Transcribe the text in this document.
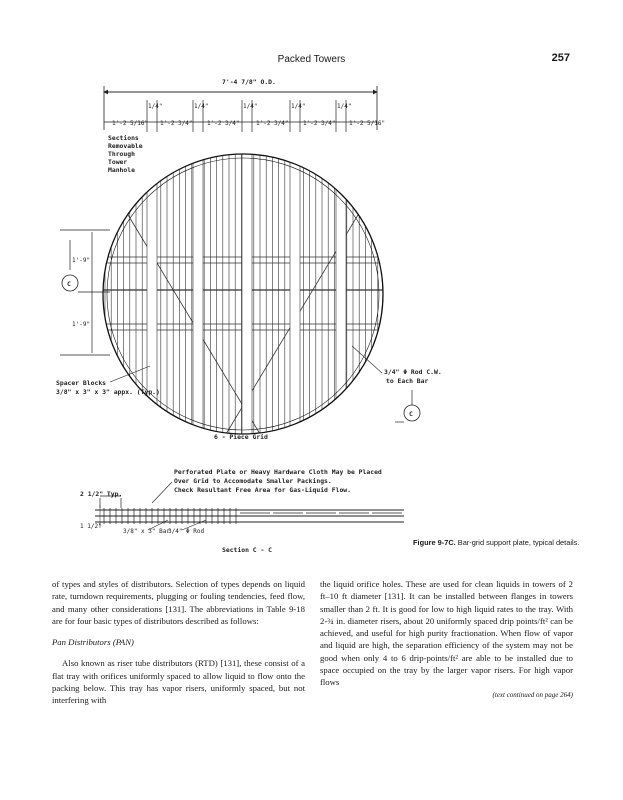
Packed Towers	257
7'-4 7/8" O.D.
1'-2 5/16" 1'-2 3/4" 1'-2 3/4"	1'-2 3/4" 1'-2 3/4" 1'-2 5/16"
1/4"	1/4"	1/4"	1/4"	1/4"
Sections
Removable
Through
Tower
Manhole
1'-9"
1'-9"
C
Spacer Blocks
3/8" x 3" x 3" appx. (Typ.)
3/4" Φ Rod C.W.
to Each Bar
C
6 - Piece Grid
Perforated Plate or Heavy Hardware Cloth May be Placed
Over Grid to Accomodate Smaller Packings.
Check Resultant Free Area for Gas-Liquid Flow.
2 1/2" Typ.
1 1/2"
3/8" x 3" Bar
3/4" Φ Rod
Section C - C
Figure 9-7C. Bar-grid support plate, typical details.

of types and styles of distributors. Selection of types depends on liquid rate, turndown requirements, plugging or fouling tendencies, feed flow, and many other considerations [131]. The abbreviations in Table 9-18 are for four basic types of distributors described as follows:

Pan Distributors (PAN)

Also known as riser tube distributors (RTD) [131], these consist of a flat tray with orifices uniformly spaced to allow liquid to flow onto the packing below. This tray has vapor risers, uniformly spaced, but not interfering with

the liquid orifice holes. These are used for clean liquids in towers of 2 ft–10 ft diameter [131]. It can be installed between flanges in towers smaller than 2 ft. It is good for low to high liquid rates to the tray. With 2-¾ in. diameter risers, about 20 uniformly spaced drip points/ft² can be achieved, and useful for high purity fractionation. When flow of vapor and liquid are high, the separation efficiency of the system may not be good when only 4 to 6 drip-points/ft² are able to be installed due to space occupied on the tray by the larger vapor risers. For high vapor flows

(text continued on page 264)
